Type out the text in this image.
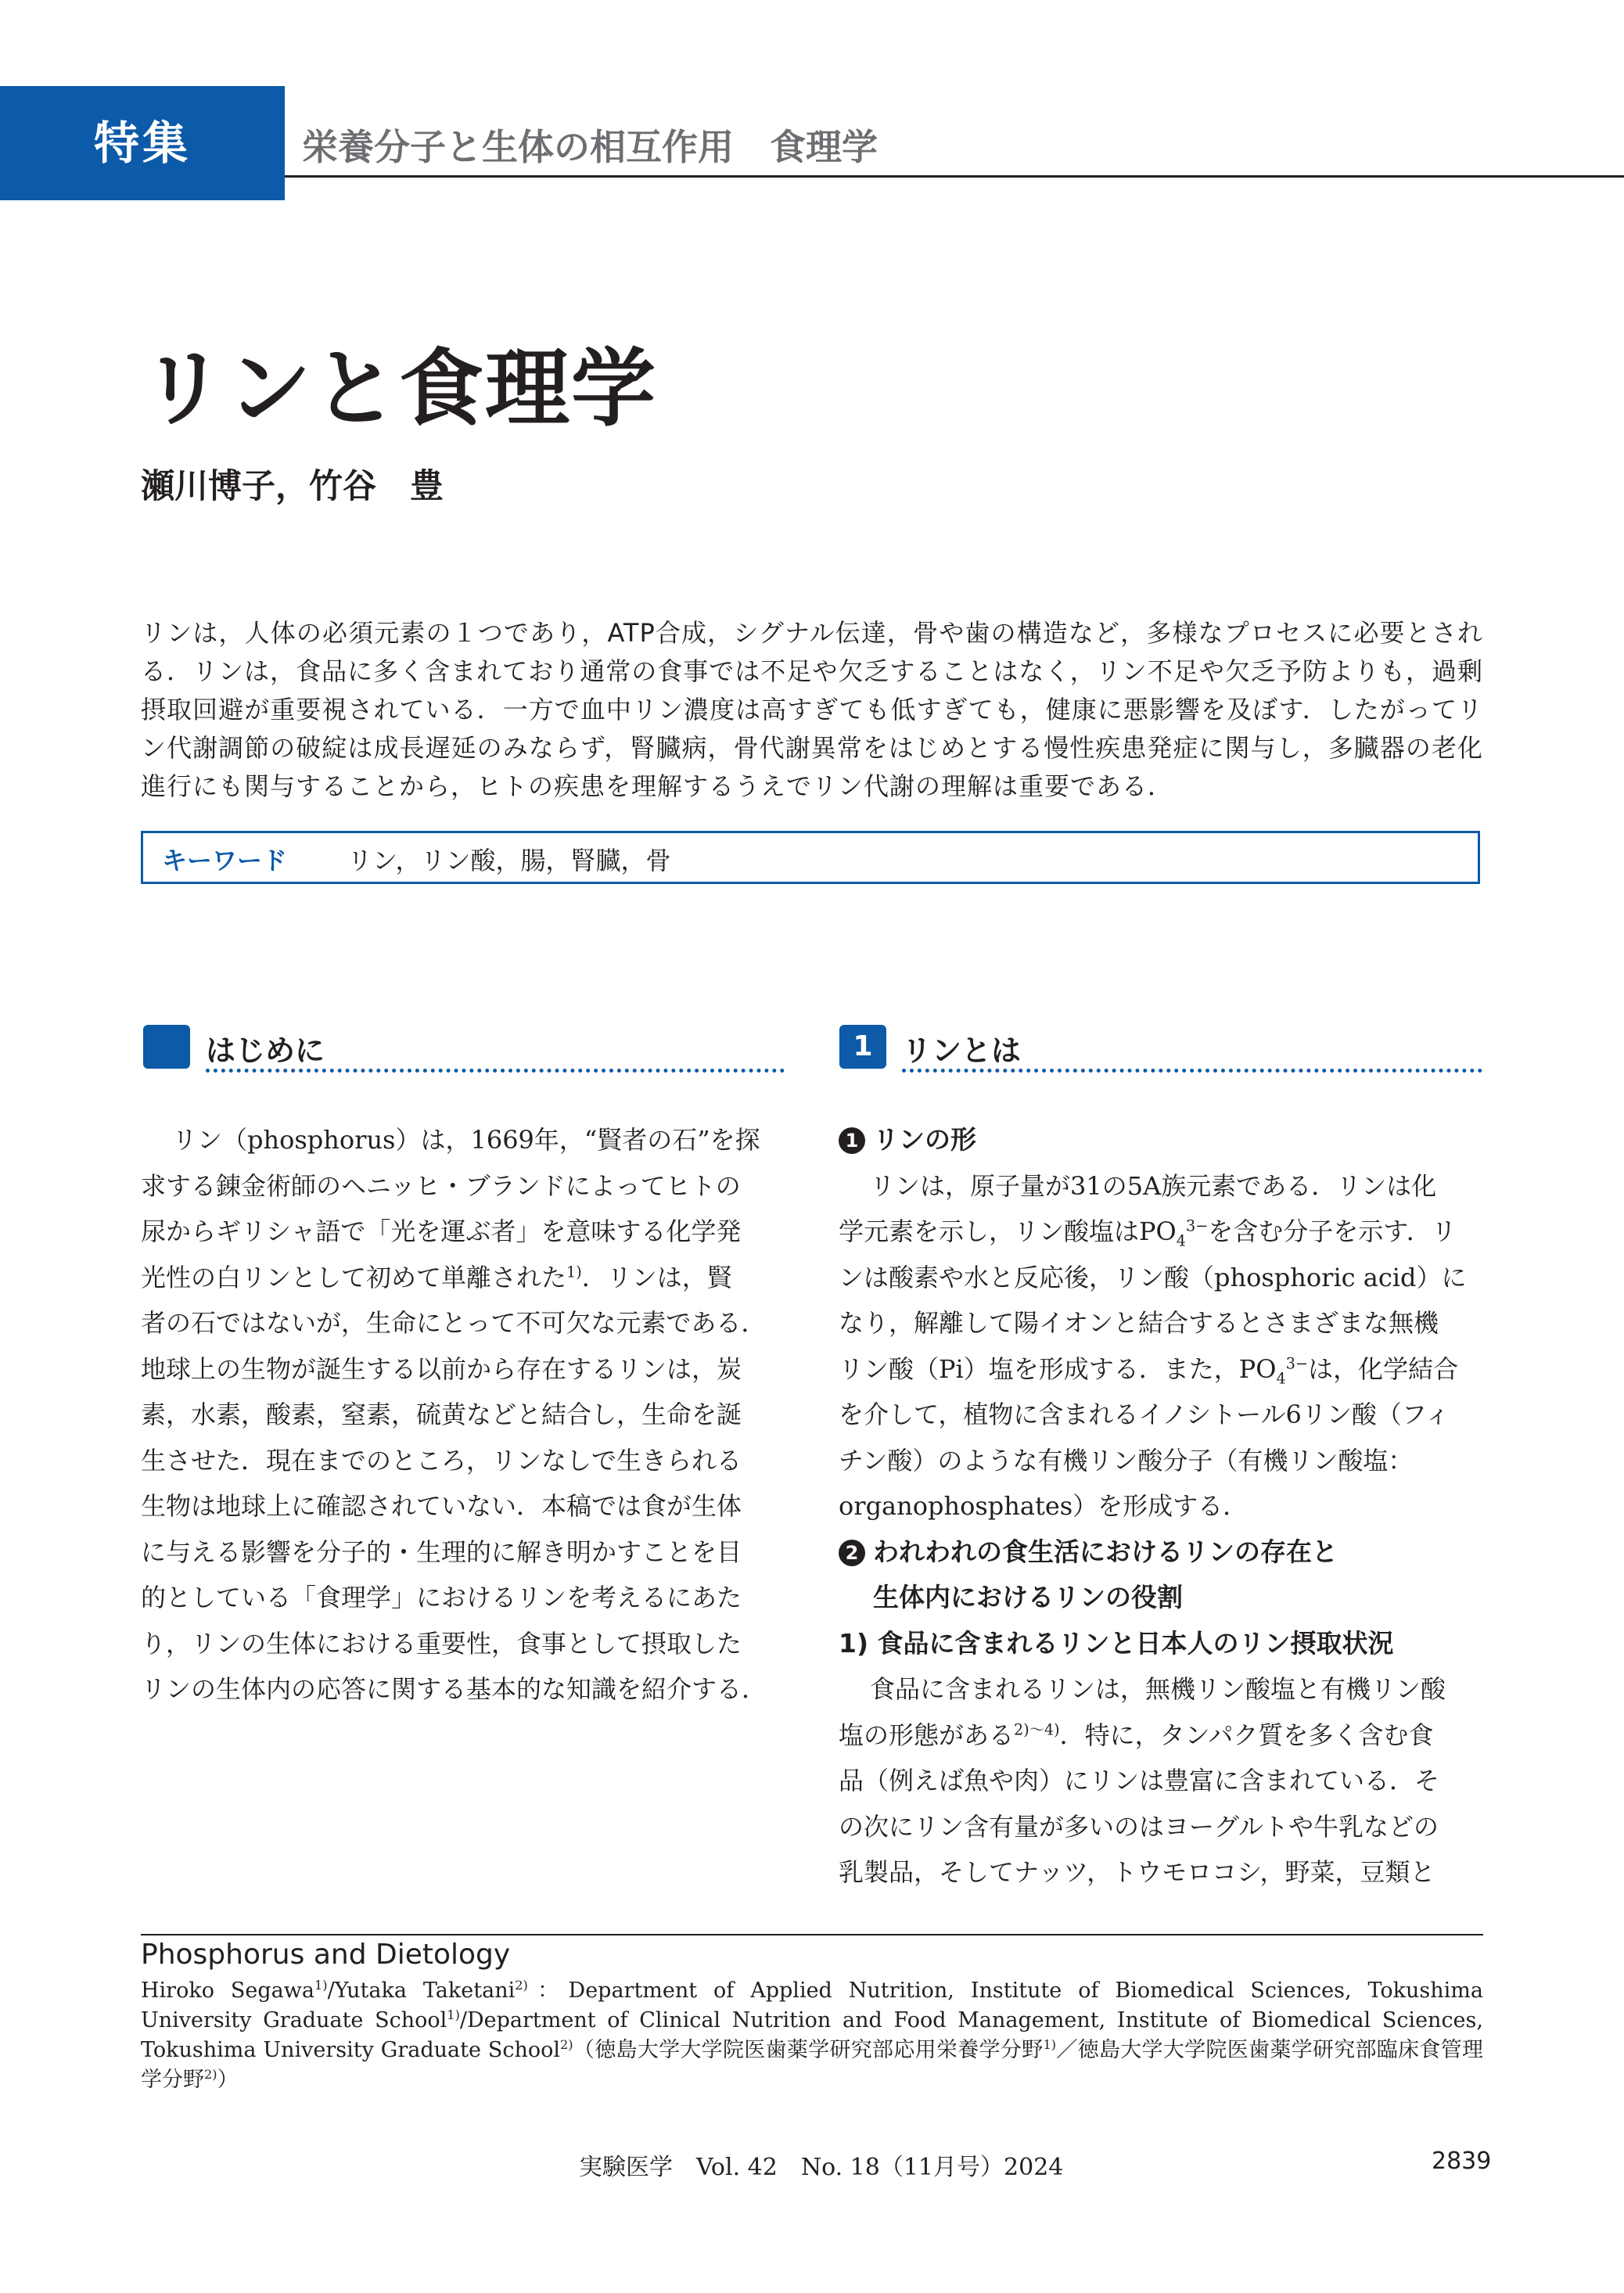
特集	栄養分子と生体の相互作用　食理学
リンと食理学
瀬川博子，竹谷　豊
リンは，人体の必須元素の１つであり，ATP合成，シグナル伝達，骨や歯の構造など，多様なプロセスに必要とされる．リンは，食品に多く含まれており通常の食事では不足や欠乏することはなく，リン不足や欠乏予防よりも，過剰摂取回避が重要視されている．一方で血中リン濃度は高すぎても低すぎても，健康に悪影響を及ぼす．したがってリン代謝調節の破綻は成長遅延のみならず，腎臓病，骨代謝異常をはじめとする慢性疾患発症に関与し，多臓器の老化進行にも関与することから，ヒトの疾患を理解するうえでリン代謝の理解は重要である．
キーワード リン，リン酸，腸，腎臓，骨
はじめに
リン（phosphorus）は，1669年，“賢者の石”を探
求する錬金術師のヘニッヒ・ブランドによってヒトの
尿からギリシャ語で「光を運ぶ者」を意味する化学発
光性の白リンとして初めて単離された$^{1)}$．リンは，賢
者の石ではないが，生命にとって不可欠な元素である．
地球上の生物が誕生する以前から存在するリンは，炭
素，水素，酸素，窒素，硫黄などと結合し，生命を誕
生させた．現在までのところ，リンなしで生きられる
生物は地球上に確認されていない．本稿では食が生体
に与える影響を分子的・生理的に解き明かすことを目
的としている「食理学」におけるリンを考えるにあた
り，リンの生体における重要性，食事として摂取した
リンの生体内の応答に関する基本的な知識を紹介する．
1 リンとは
1 リンの形
リンは，原子量が31の5A族元素である．リンは化
学元素を示し，リン酸塩は$PO_4^{3-}$を含む分子を示す．リ
ンは酸素や水と反応後，リン酸（phosphoric acid）に
なり，解離して陽イオンと結合するとさまざまな無機
リン酸（Pi）塩を形成する．また，$PO_4^{3-}$は，化学結合
を介して，植物に含まれるイノシトール6リン酸（フィ
チン酸）のような有機リン酸分子（有機リン酸塩：
organophosphates）を形成する．
2 われわれの食生活におけるリンの存在と
生体内におけるリンの役割
1) 食品に含まれるリンと日本人のリン摂取状況
食品に含まれるリンは，無機リン酸塩と有機リン酸
塩の形態がある$^{2)〜4)}$．特に，タンパク質を多く含む食
品（例えば魚や肉）にリンは豊富に含まれている．そ
の次にリン含有量が多いのはヨーグルトや牛乳などの
乳製品，そしてナッツ，トウモロコシ，野菜，豆類と
Phosphorus and Dietology
Hiroko Segawa$^{1)}$/Yutaka Taketani$^{2)}$：Department of Applied Nutrition, Institute of Biomedical Sciences, Tokushima University Graduate School$^{1)}$/Department of Clinical Nutrition and Food Management, Institute of Biomedical Sciences, Tokushima University Graduate School$^{2)}$（徳島大学大学院医歯薬学研究部応用栄養学分野$^{1)}$／徳島大学大学院医歯薬学研究部臨床食管理学分野$^{2)}$）
実験医学　Vol. 42　No. 18（11月号）2024	2839
